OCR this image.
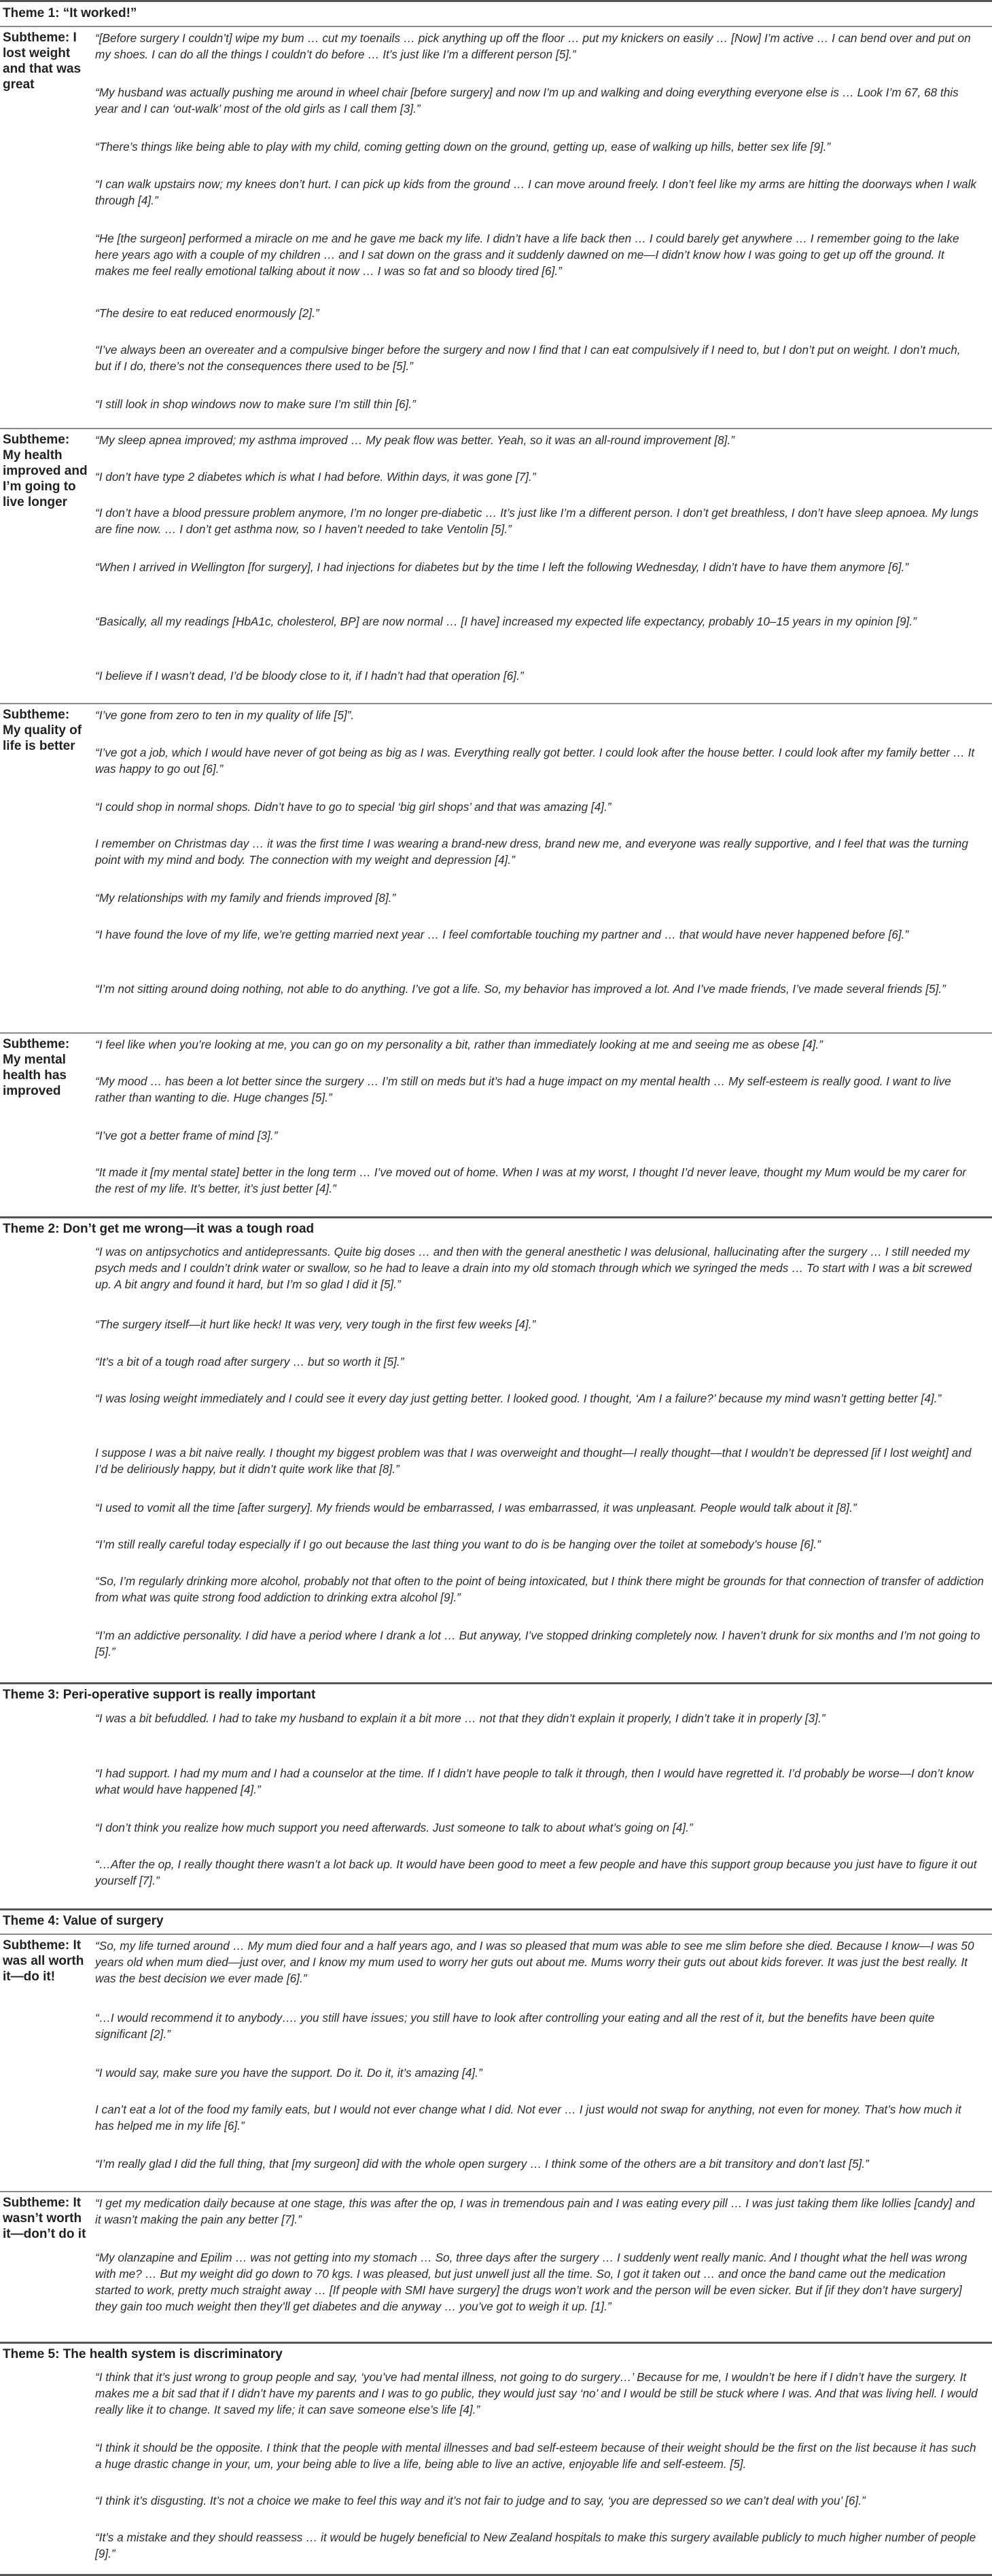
Theme 1: “It worked!”
Subtheme: I lost weight and that was great
“[Before surgery I couldn’t] wipe my bum … cut my toenails … pick anything up off the floor … put my knickers on easily … [Now] I’m active … I can bend over and put on my shoes. I can do all the things I couldn’t do before … It’s just like I’m a different person [5].”
“My husband was actually pushing me around in wheel chair [before surgery] and now I’m up and walking and doing everything everyone else is … Look I’m 67, 68 this year and I can ‘out-walk’ most of the old girls as I call them [3].”
“There’s things like being able to play with my child, coming getting down on the ground, getting up, ease of walking up hills, better sex life [9].”
“I can walk upstairs now; my knees don’t hurt. I can pick up kids from the ground … I can move around freely. I don’t feel like my arms are hitting the doorways when I walk through [4].”
“He [the surgeon] performed a miracle on me and he gave me back my life. I didn’t have a life back then … I could barely get anywhere … I remember going to the lake here years ago with a couple of my children … and I sat down on the grass and it suddenly dawned on me—I didn’t know how I was going to get up off the ground. It makes me feel really emotional talking about it now … I was so fat and so bloody tired [6].”
“The desire to eat reduced enormously [2].”
“I’ve always been an overeater and a compulsive binger before the surgery and now I find that I can eat compulsively if I need to, but I don’t put on weight. I don’t much, but if I do, there’s not the consequences there used to be [5].”
“I still look in shop windows now to make sure I’m still thin [6].”
Subtheme: My health improved and I’m going to live longer
“My sleep apnea improved; my asthma improved … My peak flow was better. Yeah, so it was an all-round improvement [8].”
“I don’t have type 2 diabetes which is what I had before. Within days, it was gone [7].”
“I don’t have a blood pressure problem anymore, I’m no longer pre-diabetic … It’s just like I’m a different person. I don’t get breathless, I don’t have sleep apnoea. My lungs are fine now. … I don’t get asthma now, so I haven’t needed to take Ventolin [5].”
“When I arrived in Wellington [for surgery], I had injections for diabetes but by the time I left the following Wednesday, I didn’t have to have them anymore [6].”
“Basically, all my readings [HbA1c, cholesterol, BP] are now normal … [I have] increased my expected life expectancy, probably 10–15 years in my opinion [9].”
“I believe if I wasn’t dead, I’d be bloody close to it, if I hadn’t had that operation [6].”
Subtheme: My quality of life is better
“I’ve gone from zero to ten in my quality of life [5]”.
“I’ve got a job, which I would have never of got being as big as I was. Everything really got better. I could look after the house better. I could look after my family better … It was happy to go out [6].”
“I could shop in normal shops. Didn’t have to go to special ‘big girl shops’ and that was amazing [4].”
I remember on Christmas day … it was the first time I was wearing a brand-new dress, brand new me, and everyone was really supportive, and I feel that was the turning point with my mind and body. The connection with my weight and depression [4].”
“My relationships with my family and friends improved [8].”
“I have found the love of my life, we’re getting married next year … I feel comfortable touching my partner and … that would have never happened before [6].”
“I’m not sitting around doing nothing, not able to do anything. I’ve got a life. So, my behavior has improved a lot. And I’ve made friends, I’ve made several friends [5].”
Subtheme: My mental health has improved
“I feel like when you’re looking at me, you can go on my personality a bit, rather than immediately looking at me and seeing me as obese [4].”
“My mood … has been a lot better since the surgery … I’m still on meds but it’s had a huge impact on my mental health … My self-esteem is really good. I want to live rather than wanting to die. Huge changes [5].”
“I’ve got a better frame of mind [3].”
“It made it [my mental state] better in the long term … I’ve moved out of home. When I was at my worst, I thought I’d never leave, thought my Mum would be my carer for the rest of my life. It’s better, it’s just better [4].”
Theme 2: Don’t get me wrong—it was a tough road
“I was on antipsychotics and antidepressants. Quite big doses … and then with the general anesthetic I was delusional, hallucinating after the surgery … I still needed my psych meds and I couldn’t drink water or swallow, so he had to leave a drain into my old stomach through which we syringed the meds … To start with I was a bit screwed up. A bit angry and found it hard, but I’m so glad I did it [5].”
“The surgery itself—it hurt like heck! It was very, very tough in the first few weeks [4].”
“It’s a bit of a tough road after surgery … but so worth it [5].”
“I was losing weight immediately and I could see it every day just getting better. I looked good. I thought, ‘Am I a failure?’ because my mind wasn’t getting better [4].”
I suppose I was a bit naive really. I thought my biggest problem was that I was overweight and thought—I really thought—that I wouldn’t be depressed [if I lost weight] and I’d be deliriously happy, but it didn’t quite work like that [8].”
“I used to vomit all the time [after surgery]. My friends would be embarrassed, I was embarrassed, it was unpleasant. People would talk about it [8].”
“I’m still really careful today especially if I go out because the last thing you want to do is be hanging over the toilet at somebody’s house [6].”
“So, I’m regularly drinking more alcohol, probably not that often to the point of being intoxicated, but I think there might be grounds for that connection of transfer of addiction from what was quite strong food addiction to drinking extra alcohol [9].”
“I’m an addictive personality. I did have a period where I drank a lot … But anyway, I’ve stopped drinking completely now. I haven’t drunk for six months and I’m not going to [5].”
Theme 3: Peri-operative support is really important
“I was a bit befuddled. I had to take my husband to explain it a bit more … not that they didn’t explain it properly, I didn’t take it in properly [3].”
“I had support. I had my mum and I had a counselor at the time. If I didn’t have people to talk it through, then I would have regretted it. I’d probably be worse—I don’t know what would have happened [4].”
“I don’t think you realize how much support you need afterwards. Just someone to talk to about what’s going on [4].”
“…After the op, I really thought there wasn’t a lot back up. It would have been good to meet a few people and have this support group because you just have to figure it out yourself [7].”
Theme 4: Value of surgery
Subtheme: It was all worth it—do it!
“So, my life turned around … My mum died four and a half years ago, and I was so pleased that mum was able to see me slim before she died. Because I know—I was 50 years old when mum died—just over, and I know my mum used to worry her guts out about me. Mums worry their guts out about kids forever. It was just the best really. It was the best decision we ever made [6].”
“…I would recommend it to anybody…. you still have issues; you still have to look after controlling your eating and all the rest of it, but the benefits have been quite significant [2].”
“I would say, make sure you have the support. Do it. Do it, it’s amazing [4].”
I can’t eat a lot of the food my family eats, but I would not ever change what I did. Not ever … I just would not swap for anything, not even for money. That’s how much it has helped me in my life [6].”
“I’m really glad I did the full thing, that [my surgeon] did with the whole open surgery … I think some of the others are a bit transitory and don’t last [5].”
Subtheme: It wasn’t worth it—don’t do it
“I get my medication daily because at one stage, this was after the op, I was in tremendous pain and I was eating every pill … I was just taking them like lollies [candy] and it wasn’t making the pain any better [7].”
“My olanzapine and Epilim … was not getting into my stomach … So, three days after the surgery … I suddenly went really manic. And I thought what the hell was wrong with me? … But my weight did go down to 70 kgs. I was pleased, but just unwell just all the time. So, I got it taken out … and once the band came out the medication started to work, pretty much straight away … [If people with SMI have surgery] the drugs won’t work and the person will be even sicker. But if [if they don’t have surgery] they gain too much weight then they’ll get diabetes and die anyway … you’ve got to weigh it up. [1].”
Theme 5: The health system is discriminatory
“I think that it’s just wrong to group people and say, ‘you’ve had mental illness, not going to do surgery…’ Because for me, I wouldn’t be here if I didn’t have the surgery. It makes me a bit sad that if I didn’t have my parents and I was to go public, they would just say ‘no’ and I would be still be stuck where I was. And that was living hell. I would really like it to change. It saved my life; it can save someone else’s life [4].”
“I think it should be the opposite. I think that the people with mental illnesses and bad self-esteem because of their weight should be the first on the list because it has such a huge drastic change in your, um, your being able to live a life, being able to live an active, enjoyable life and self-esteem. [5].
“I think it’s disgusting. It’s not a choice we make to feel this way and it’s not fair to judge and to say, ‘you are depressed so we can’t deal with you’ [6].”
“It’s a mistake and they should reassess … it would be hugely beneficial to New Zealand hospitals to make this surgery available publicly to much higher number of people [9].”
